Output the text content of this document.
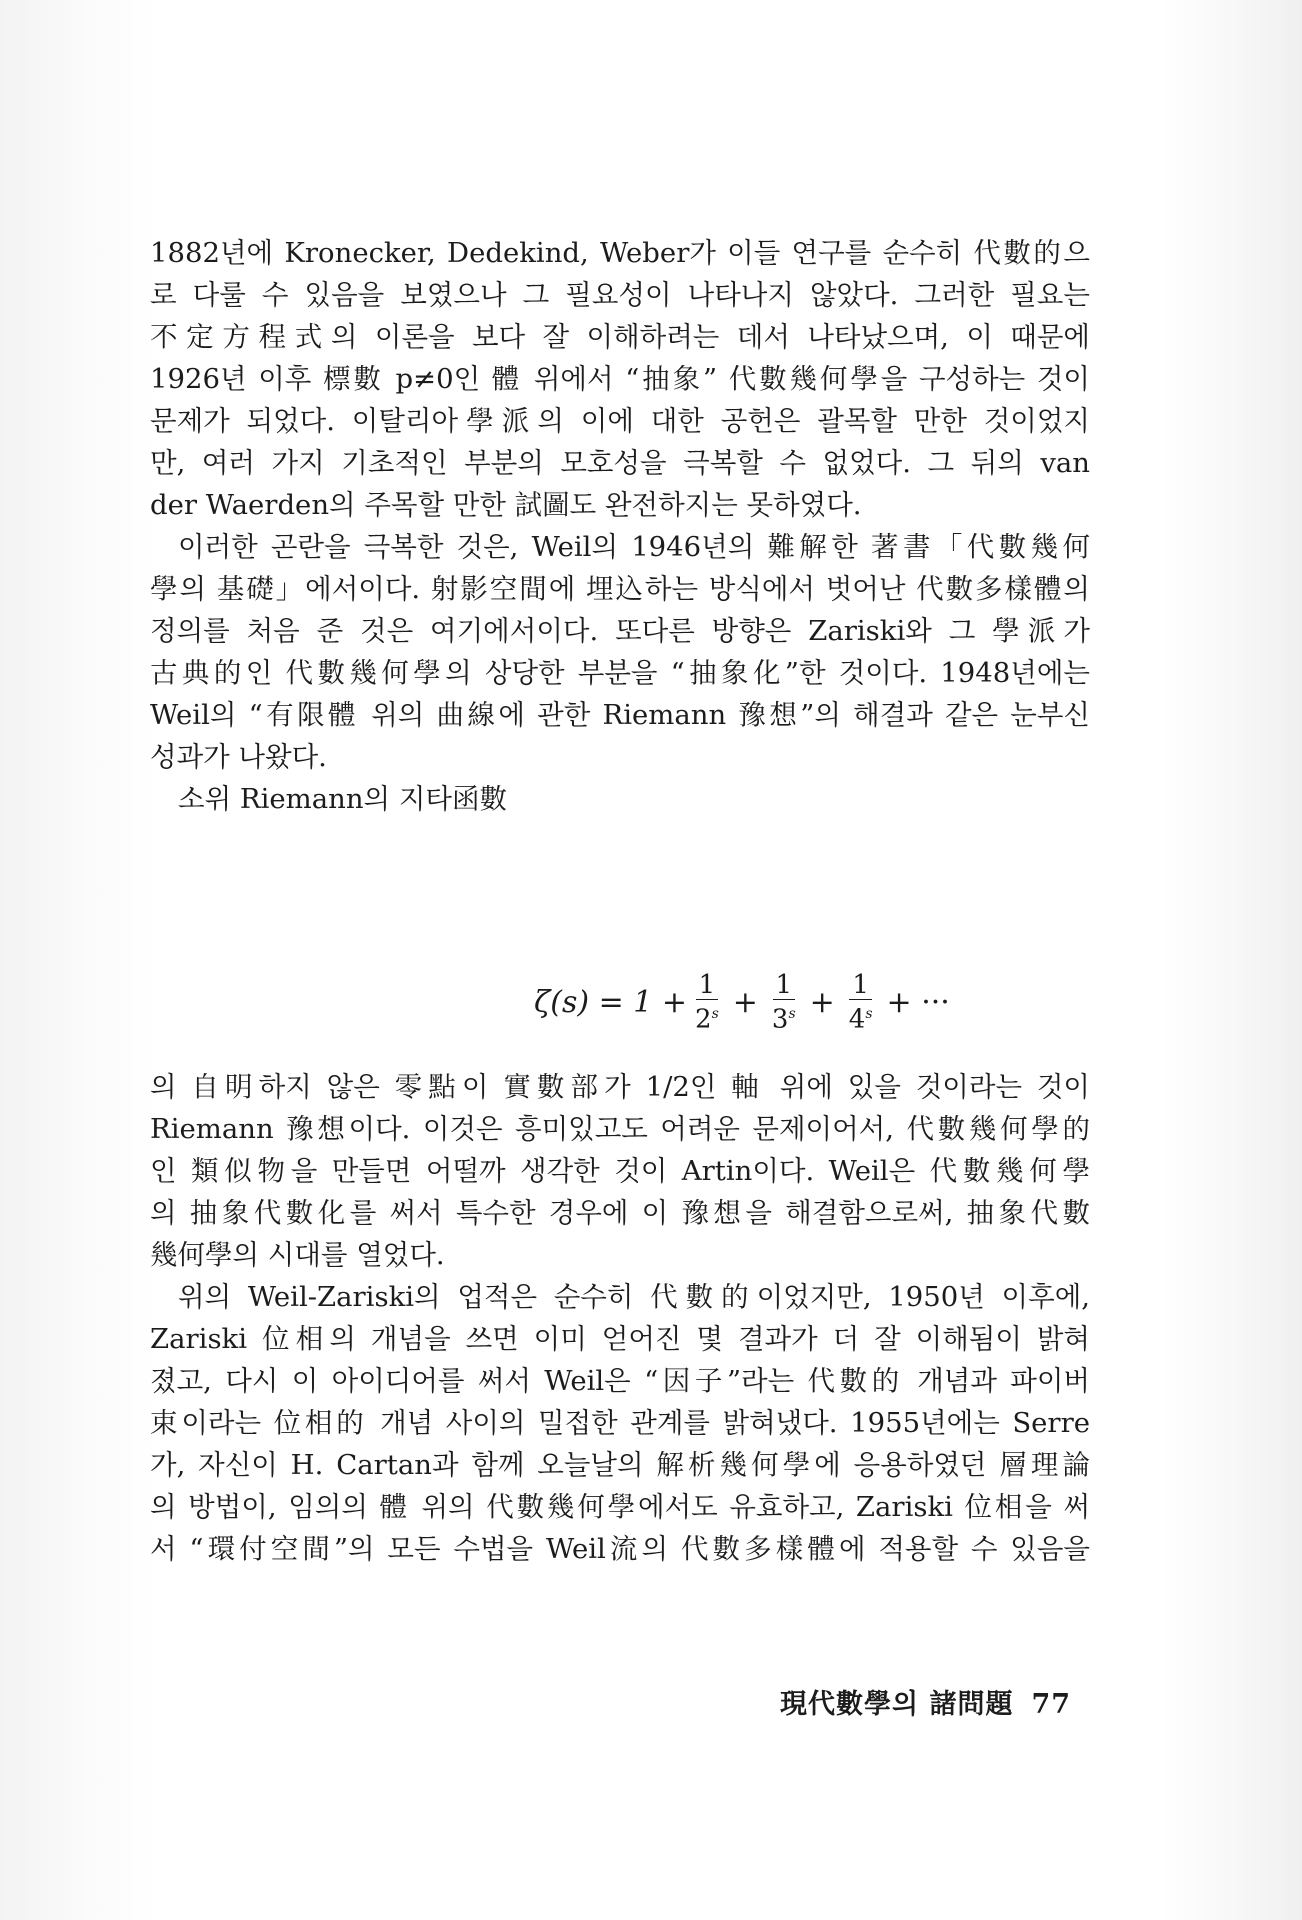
1882년에 Kronecker, Dedekind, Weber가 이들 연구를 순수히 代數的으
로 다룰 수 있음을 보였으나 그 필요성이 나타나지 않았다. 그러한 필요는
不定方程式의 이론을 보다 잘 이해하려는 데서 나타났으며, 이 때문에
1926년 이후 標數 p≠0인 體 위에서 “抽象” 代數幾何學을 구성하는 것이
문제가 되었다. 이탈리아學派의 이에 대한 공헌은 괄목할 만한 것이었지
만, 여러 가지 기초적인 부분의 모호성을 극복할 수 없었다. 그 뒤의 van
der Waerden의 주목할 만한 試圖도 완전하지는 못하였다.
이러한 곤란을 극복한 것은, Weil의 1946년의 難解한 著書「代數幾何
學의 基礎」에서이다. 射影空間에 埋込하는 방식에서 벗어난 代數多樣體의
정의를 처음 준 것은 여기에서이다. 또다른 방향은 Zariski와 그 學派가
古典的인 代數幾何學의 상당한 부분을 “抽象化”한 것이다. 1948년에는
Weil의 “有限體 위의 曲線에 관한 Riemann 豫想”의 해결과 같은 눈부신
성과가 나왔다.
소위 Riemann의 지타函數
$\zeta(s) = 1 + \frac{1}{2^s} + \frac{1}{3^s} + \frac{1}{4^s}$ + ···
의 自明하지 않은 零點이 實數部가 1/2인 軸 위에 있을 것이라는 것이
Riemann 豫想이다. 이것은 흥미있고도 어려운 문제이어서, 代數幾何學的
인 類似物을 만들면 어떨까 생각한 것이 Artin이다. Weil은 代數幾何學
의 抽象代數化를 써서 특수한 경우에 이 豫想을 해결함으로써, 抽象代數
幾何學의 시대를 열었다.
위의 Weil-Zariski의 업적은 순수히 代數的이었지만, 1950년 이후에,
Zariski 位相의 개념을 쓰면 이미 얻어진 몇 결과가 더 잘 이해됨이 밝혀
졌고, 다시 이 아이디어를 써서 Weil은 “因子”라는 代數的 개념과 파이버
束이라는 位相的 개념 사이의 밀접한 관계를 밝혀냈다. 1955년에는 Serre
가, 자신이 H. Cartan과 함께 오늘날의 解析幾何學에 응용하였던 層理論
의 방법이, 임의의 體 위의 代數幾何學에서도 유효하고, Zariski 位相을 써
서 “環付空間”의 모든 수법을 Weil流의 代數多樣體에 적용할 수 있음을
現代數學의 諸問題 77
